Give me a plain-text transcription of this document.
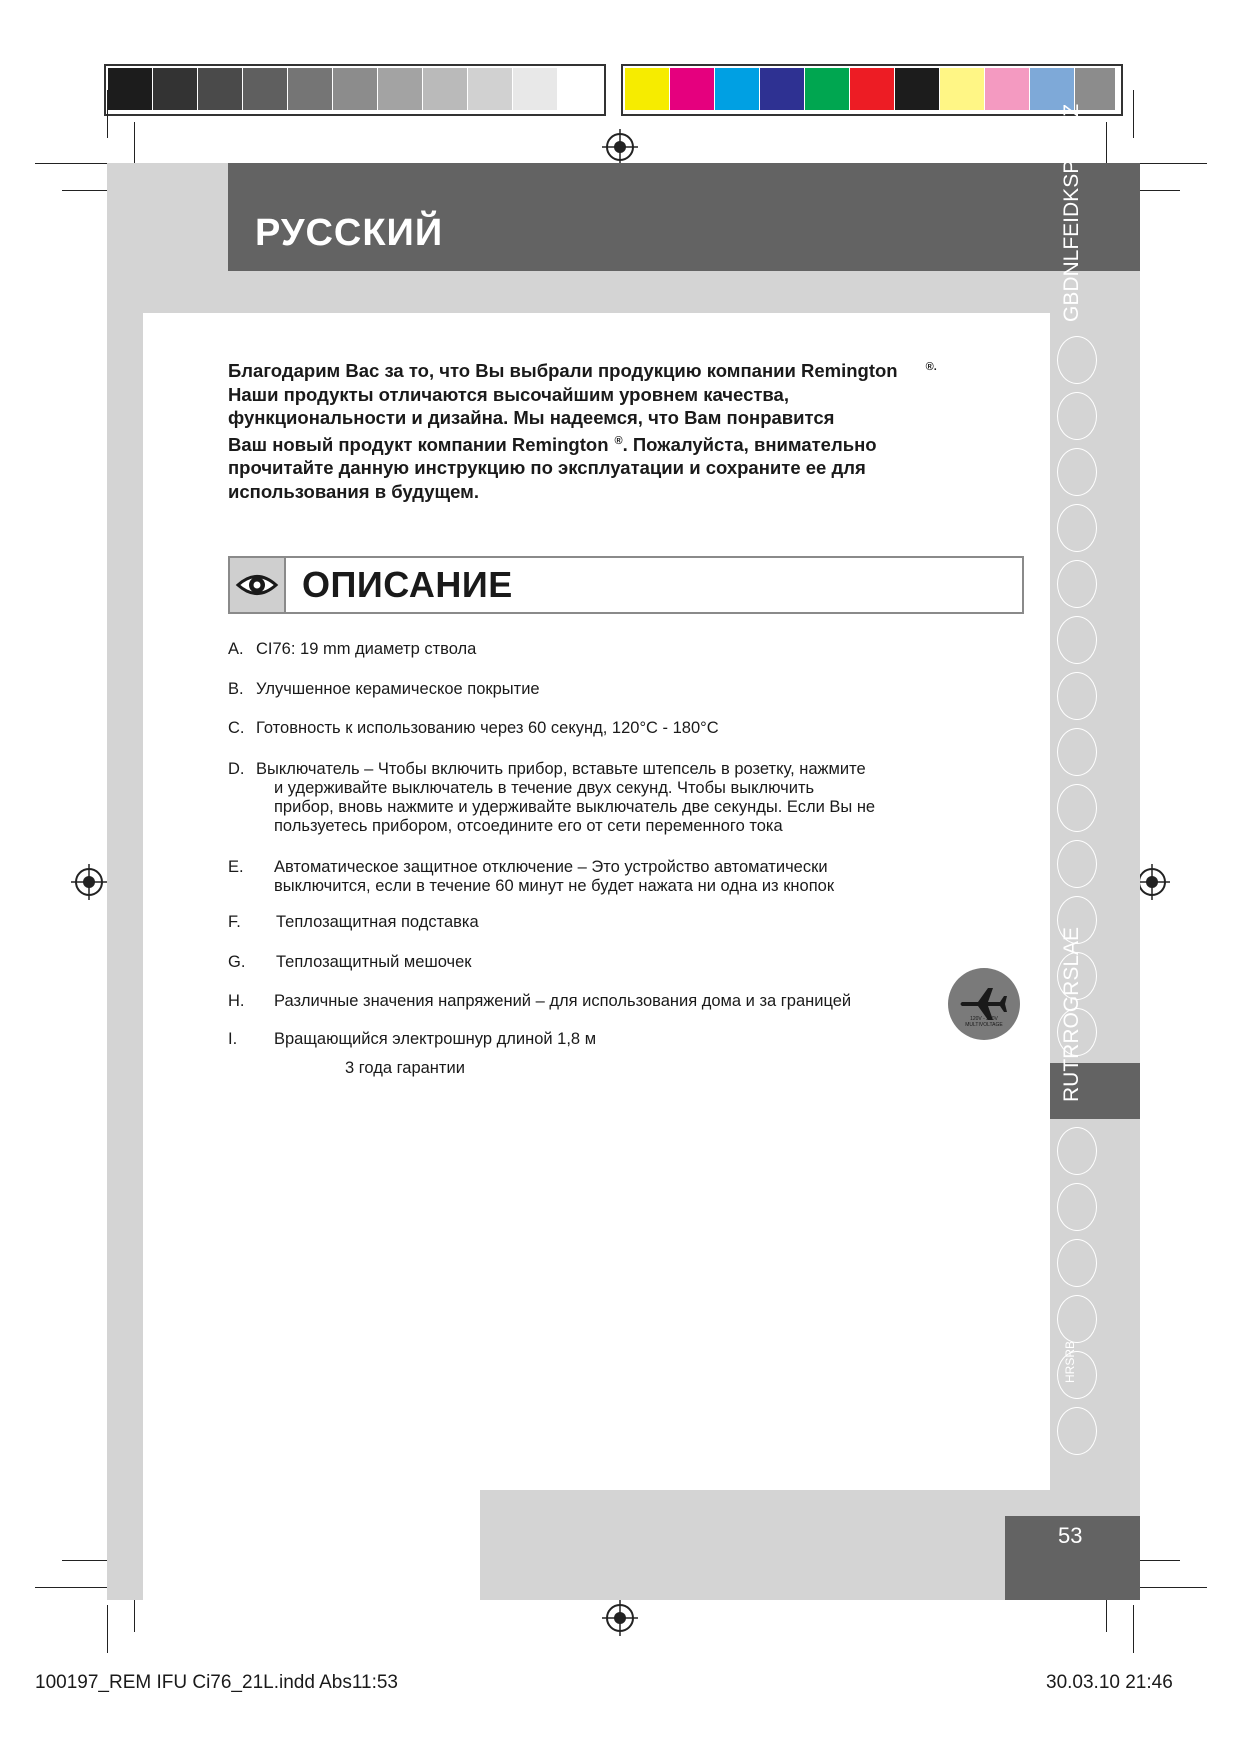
РУССКИЙ

Благодарим Вас за то, что Вы выбрали продукцию компании Remington	®.

Наши продукты отличаются высочайшим уровнем качества,

функциональности и дизайна. Мы надеемся, что Вам понравится

Ваш новый продукт компании Remington ®. Пожалуйста, внимательно

прочитайте данную инструкцию по эксплуатации и сохраните ее для

использования в будущем.

ОПИСАНИЕ
A. CI76: 19 mm диаметр ствола
B. Улучшенное керамическое покрытие
C. Готовность к использованию через 60 секунд, 120°C - 180°C
D. Выключатель – Чтобы включить прибор, вставьте штепсель в розетку, нажмите
и удерживайте выключатель в течение двух секунд. Чтобы выключить
прибор, вновь нажмите и удерживайте выключатель две секунды. Если Вы не
пользуетесь прибором, отсоедините его от сети переменного тока
E. Автоматическое защитное отключение – Это устройство автоматически
выключится, если в течение 60 минут не будет нажата ни одна из кнопок
F. Теплозащитная подставка
G. Теплозащитный мешочек
H. Различные значения напряжений – для использования дома и за границей
I. Вращающийся электрошнур длиной 1,8 м
3 года гарантии
120V - 240V
MULTIVOLTAGE
GBDNLFEIDKSPSKCZ
RUTRROGRSLAE
HRSRB
53
100197_REM IFU Ci76_21L.indd Abs11:53	30.03.10 21:46
